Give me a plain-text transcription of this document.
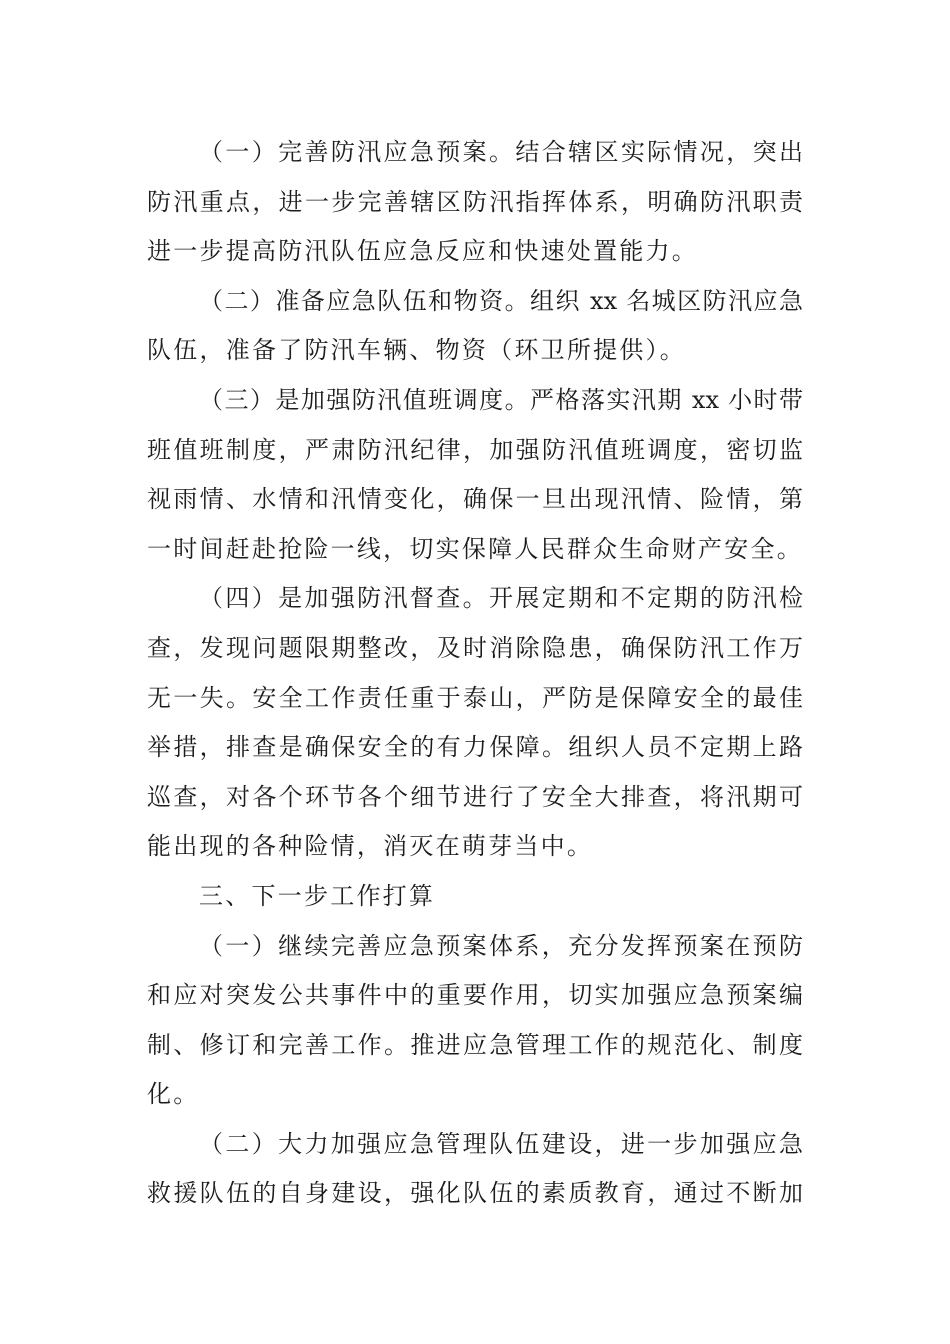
（一）完善防汛应急预案。结合辖区实际情况，突出
防汛重点，进一步完善辖区防汛指挥体系，明确防汛职责
进一步提高防汛队伍应急反应和快速处置能力。
（二）准备应急队伍和物资。组织 xx 名城区防汛应急
队伍，准备了防汛车辆、物资（环卫所提供）。
（三）是加强防汛值班调度。严格落实汛期 xx 小时带
班值班制度，严肃防汛纪律，加强防汛值班调度，密切监
视雨情、水情和汛情变化，确保一旦出现汛情、险情，第
一时间赶赴抢险一线，切实保障人民群众生命财产安全。
（四）是加强防汛督查。开展定期和不定期的防汛检
查，发现问题限期整改，及时消除隐患，确保防汛工作万
无一失。安全工作责任重于泰山，严防是保障安全的最佳
举措，排查是确保安全的有力保障。组织人员不定期上路
巡查，对各个环节各个细节进行了安全大排查，将汛期可
能出现的各种险情，消灭在萌芽当中。
三、下一步工作打算
（一）继续完善应急预案体系，充分发挥预案在预防
和应对突发公共事件中的重要作用，切实加强应急预案编
制、修订和完善工作。推进应急管理工作的规范化、制度
化。
（二）大力加强应急管理队伍建设，进一步加强应急
救援队伍的自身建设，强化队伍的素质教育，通过不断加
